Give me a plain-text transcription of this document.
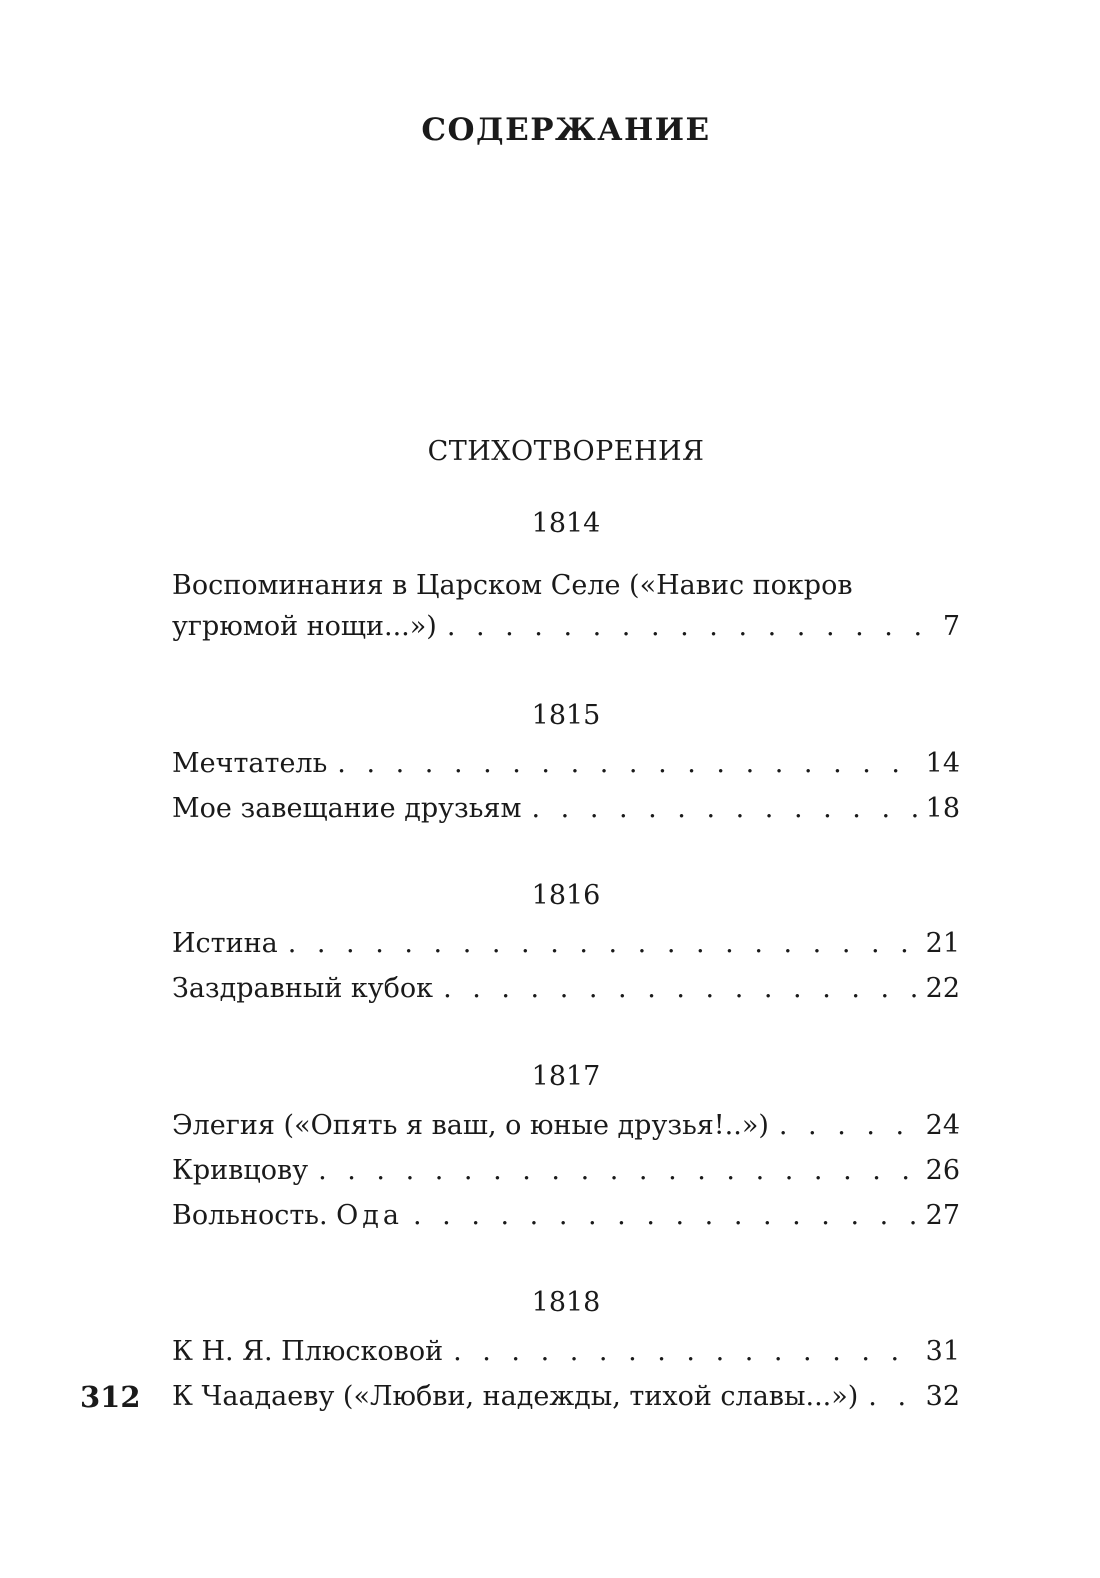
СОДЕРЖАНИЕ
СТИХОТВОРЕНИЯ
1814
Воспоминания в Царском Селе («Навис покров
угрюмой нощи...») . . .	7
1815
Мечтатель . . .	14
Мое завещание друзьям . . .	18
1816
Истина . . .	21
Заздравный кубок . . .	22
1817
Элегия («Опять я ваш, о юные друзья!..») . . .	24
Кривцову . . .	26
Вольность. Ода . . .	27
1818
К Н. Я. Плюсковой . . .	31
К Чаадаеву («Любви, надежды, тихой славы...») . . . 32
312
